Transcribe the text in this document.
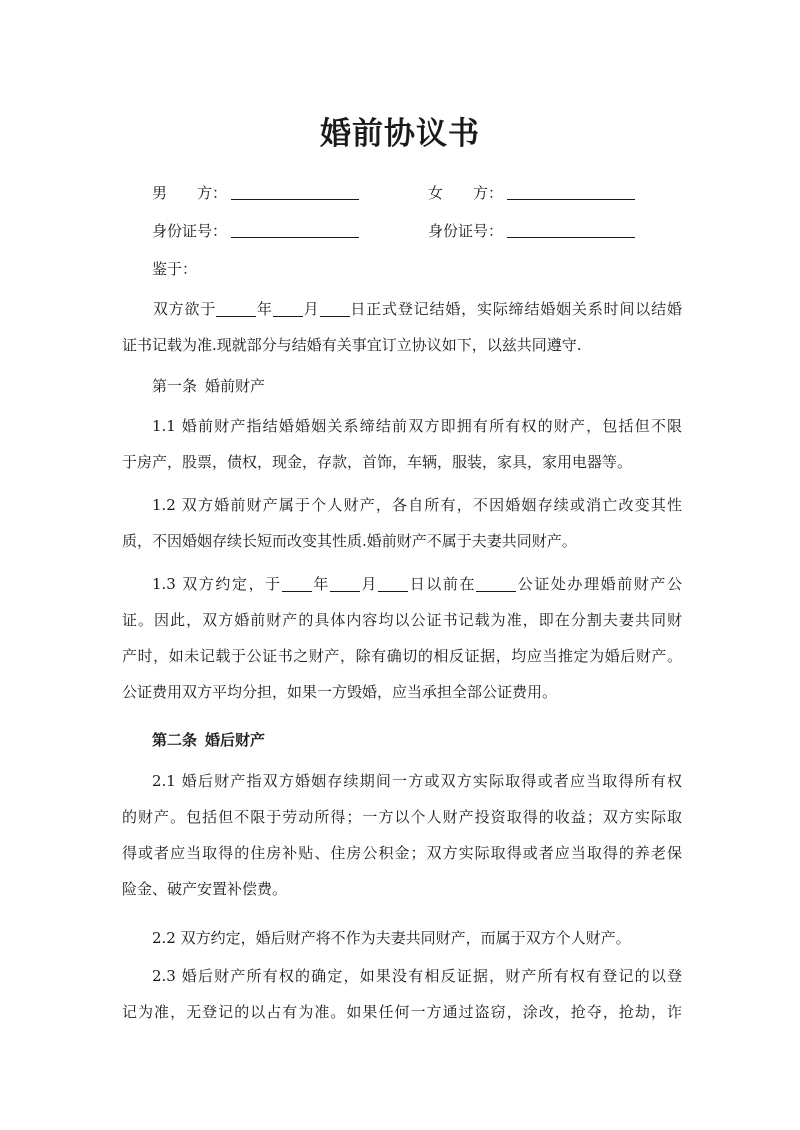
婚前协议书
男　　方：	女　　方：
身份证号：	身份证号：
鉴于：
双方欲于	年 月 日正式登记结婚，实际缔结婚姻关系时间以结婚
证书记载为准.现就部分与结婚有关事宜订立协议如下，以兹共同遵守.
第一条 婚前财产
1.1 婚前财产指结婚婚姻关系缔结前双方即拥有所有权的财产，包括但不限
于房产，股票，债权，现金，存款，首饰，车辆，服装，家具，家用电器等。
1.2 双方婚前财产属于个人财产，各自所有，不因婚姻存续或消亡改变其性
质，不因婚姻存续长短而改变其性质.婚前财产不属于夫妻共同财产。
1.3 双方约定，于 年 月 日以前在	公证处办理婚前财产公
证。因此，双方婚前财产的具体内容均以公证书记载为准，即在分割夫妻共同财
产时，如未记载于公证书之财产，除有确切的相反证据，均应当推定为婚后财产。
公证费用双方平均分担，如果一方毁婚，应当承担全部公证费用。
第二条 婚后财产
2.1 婚后财产指双方婚姻存续期间一方或双方实际取得或者应当取得所有权
的财产。包括但不限于劳动所得；一方以个人财产投资取得的收益；双方实际取
得或者应当取得的住房补贴、住房公积金；双方实际取得或者应当取得的养老保
险金、破产安置补偿费。
2.2 双方约定，婚后财产将不作为夫妻共同财产，而属于双方个人财产。
2.3 婚后财产所有权的确定，如果没有相反证据，财产所有权有登记的以登
记为准，无登记的以占有为准。如果任何一方通过盗窃，涂改，抢夺，抢劫，诈
